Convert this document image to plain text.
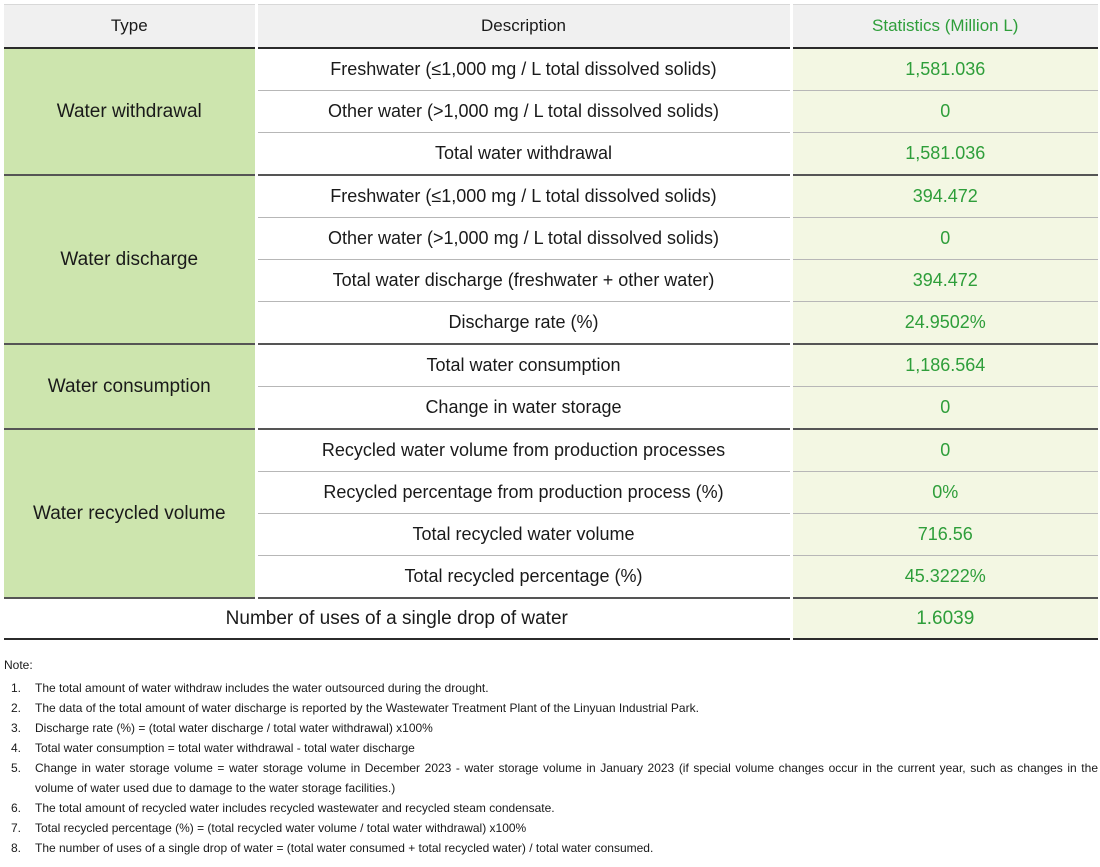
Type	Description	Statistics (Million L)
Water withdrawal	Freshwater (≤1,000 mg / L total dissolved solids)	1,581.036
	Other water (>1,000 mg / L total dissolved solids)	0
	Total water withdrawal	1,581.036
Water discharge	Freshwater (≤1,000 mg / L total dissolved solids)	394.472
	Other water (>1,000 mg / L total dissolved solids)	0
	Total water discharge (freshwater + other water)	394.472
	Discharge rate (%)	24.9502%
Water consumption	Total water consumption	1,186.564
	Change in water storage	0
Water recycled volume	Recycled water volume from production processes	0
	Recycled percentage from production process (%)	0%
	Total recycled water volume	716.56
	Total recycled percentage (%)	45.3222%
Number of uses of a single drop of water		1.6039
Note:
1.	The total amount of water withdraw includes the water outsourced during the drought.
2.	The data of the total amount of water discharge is reported by the Wastewater Treatment Plant of the Linyuan Industrial Park.
3.	Discharge rate (%) = (total water discharge / total water withdrawal) x100%
4.	Total water consumption = total water withdrawal - total water discharge
5.	Change in water storage volume = water storage volume in December 2023 - water storage volume in January 2023 (if special volume changes occur in the current year, such as changes in the volume of water used due to damage to the water storage facilities.)
6.	The total amount of recycled water includes recycled wastewater and recycled steam condensate.
7.	Total recycled percentage (%) = (total recycled water volume / total water withdrawal) x100%
8.	The number of uses of a single drop of water = (total water consumed + total recycled water) / total water consumed.
